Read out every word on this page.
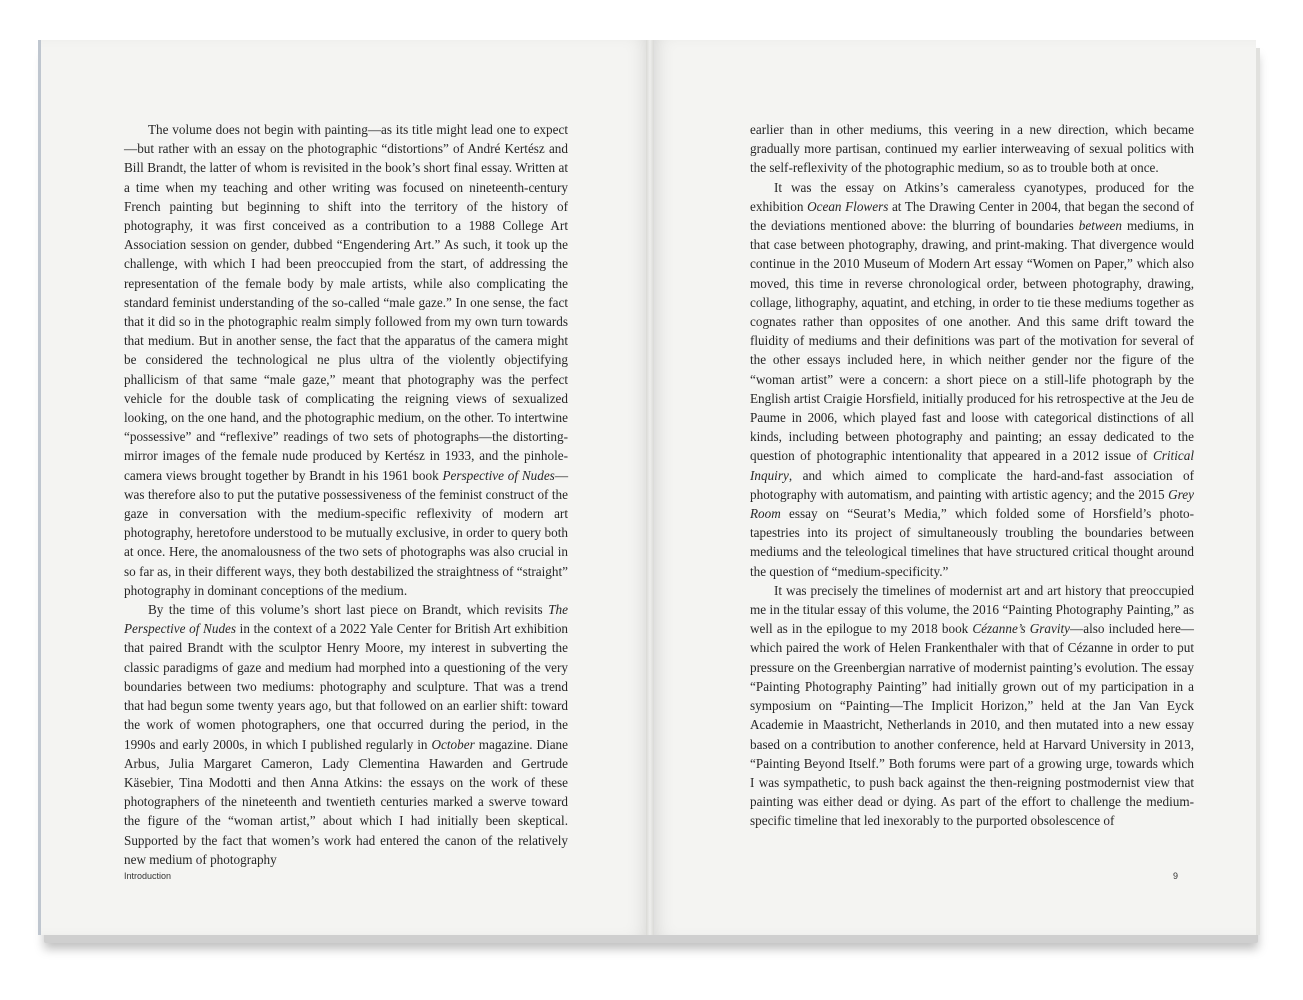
The volume does not begin with painting—as its title might lead one to expect—but rather with an essay on the photographic “distortions” of André Kertész and Bill Brandt, the latter of whom is revisited in the book’s short final essay. Written at a time when my teaching and other writing was focused on nineteenth-century French painting but beginning to shift into the territory of the history of photography, it was first conceived as a contribution to a 1988 College Art Association session on gender, dubbed “Engendering Art.” As such, it took up the challenge, with which I had been preoccupied from the start, of addressing the representation of the female body by male artists, while also complicating the standard feminist understanding of the so-called “male gaze.” In one sense, the fact that it did so in the photographic realm simply followed from my own turn towards that medium. But in another sense, the fact that the apparatus of the camera might be considered the technological ne plus ultra of the violently objectifying phallicism of that same “male gaze,” meant that photography was the perfect vehicle for the double task of complicating the reigning views of sexualized looking, on the one hand, and the photographic medium, on the other. To intertwine “possessive” and “reflexive” readings of two sets of photographs—the distorting-mirror images of the female nude produced by Kertész in 1933, and the pinhole-camera views brought together by Brandt in his 1961 book Perspective of Nudes—was therefore also to put the putative possessiveness of the feminist construct of the gaze in conversation with the medium-specific reflexivity of modern art photography, heretofore understood to be mutually exclusive, in order to query both at once. Here, the anomalousness of the two sets of photographs was also crucial in so far as, in their different ways, they both destabilized the straightness of “straight” photography in dominant conceptions of the medium.

By the time of this volume’s short last piece on Brandt, which revisits The Perspective of Nudes in the context of a 2022 Yale Center for British Art exhibition that paired Brandt with the sculptor Henry Moore, my interest in subverting the classic paradigms of gaze and medium had morphed into a questioning of the very boundaries between two mediums: photography and sculpture. That was a trend that had begun some twenty years ago, but that followed on an earlier shift: toward the work of women photographers, one that occurred during the period, in the 1990s and early 2000s, in which I published regularly in October magazine. Diane Arbus, Julia Margaret Cameron, Lady Clementina Hawarden and Gertrude Käsebier, Tina Modotti and then Anna Atkins: the essays on the work of these photographers of the nineteenth and twentieth centuries marked a swerve toward the figure of the “woman artist,” about which I had initially been skeptical. Supported by the fact that women’s work had entered the canon of the relatively new medium of photography

Introduction

earlier than in other mediums, this veering in a new direction, which became gradually more partisan, continued my earlier interweaving of sexual politics with the self-reflexivity of the photographic medium, so as to trouble both at once.

It was the essay on Atkins’s cameraless cyanotypes, produced for the exhibition Ocean Flowers at The Drawing Center in 2004, that began the second of the deviations mentioned above: the blurring of boundaries between mediums, in that case between photography, drawing, and print-making. That divergence would continue in the 2010 Museum of Modern Art essay “Women on Paper,” which also moved, this time in reverse chronological order, between photography, drawing, collage, lithography, aquatint, and etching, in order to tie these mediums together as cognates rather than opposites of one another. And this same drift toward the fluidity of mediums and their definitions was part of the motivation for several of the other essays included here, in which neither gender nor the figure of the “woman artist” were a concern: a short piece on a still-life photograph by the English artist Craigie Horsfield, initially produced for his retrospective at the Jeu de Paume in 2006, which played fast and loose with categorical distinctions of all kinds, including between photography and painting; an essay dedicated to the question of photographic intentionality that appeared in a 2012 issue of Critical Inquiry, and which aimed to complicate the hard-and-fast association of photography with automatism, and painting with artistic agency; and the 2015 Grey Room essay on “Seurat’s Media,” which folded some of Horsfield’s photo-tapestries into its project of simultaneously troubling the boundaries between mediums and the teleological timelines that have structured critical thought around the question of “medium-specificity.”

It was precisely the timelines of modernist art and art history that preoccupied me in the titular essay of this volume, the 2016 “Painting Photography Painting,” as well as in the epilogue to my 2018 book Cézanne’s Gravity—also included here—which paired the work of Helen Frankenthaler with that of Cézanne in order to put pressure on the Greenbergian narrative of modernist painting’s evolution. The essay “Painting Photography Painting” had initially grown out of my participation in a symposium on “Painting—The Implicit Horizon,” held at the Jan Van Eyck Academie in Maastricht, Netherlands in 2010, and then mutated into a new essay based on a contribution to another conference, held at Harvard University in 2013, “Painting Beyond Itself.” Both forums were part of a growing urge, towards which I was sympathetic, to push back against the then-reigning postmodernist view that painting was either dead or dying. As part of the effort to challenge the medium-specific timeline that led inexorably to the purported obsolescence of

9
